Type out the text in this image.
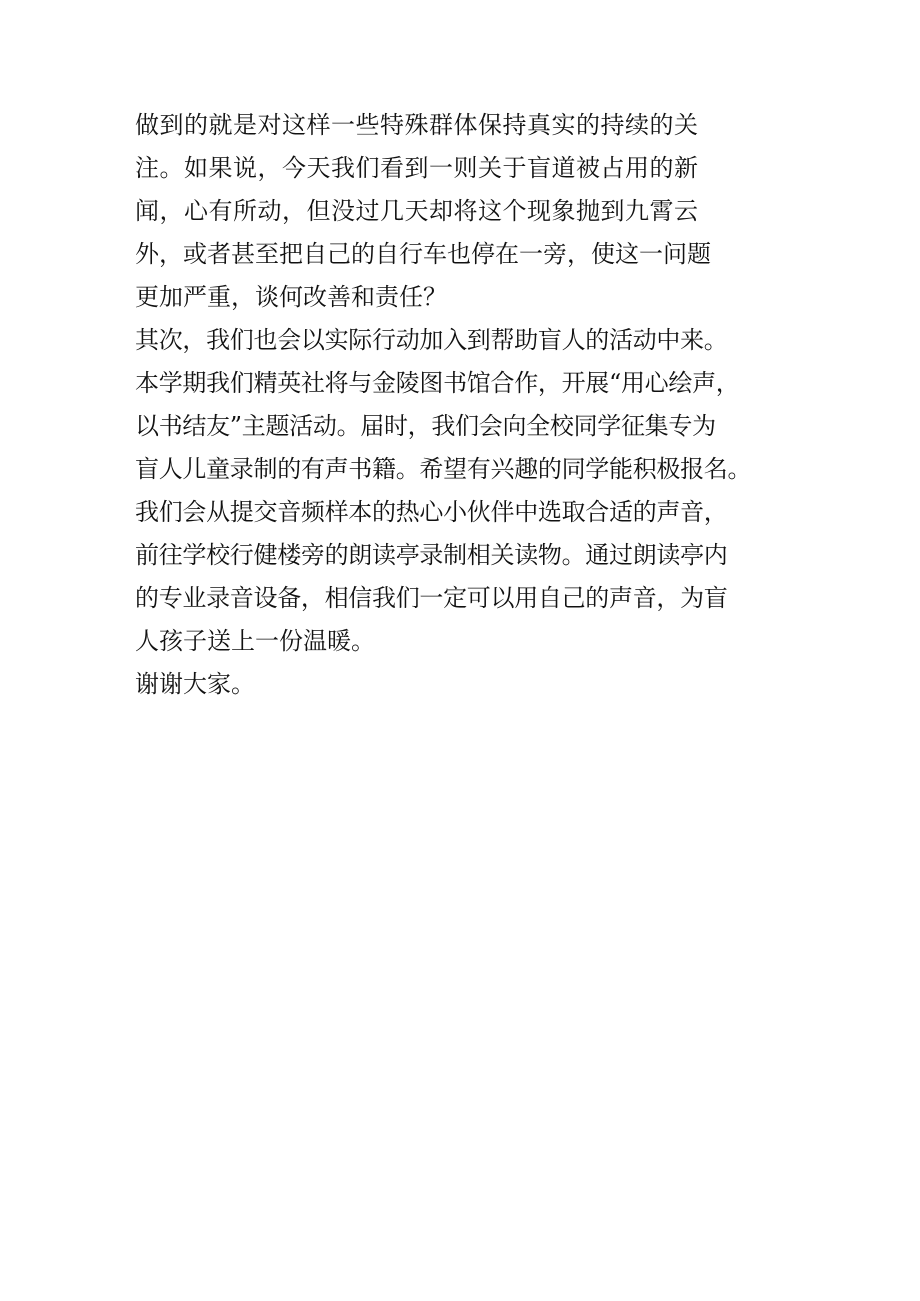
做到的就是对这样一些特殊群体保持真实的持续的关
注。如果说，今天我们看到一则关于盲道被占用的新
闻，心有所动，但没过几天却将这个现象抛到九霄云
外，或者甚至把自己的自行车也停在一旁，使这一问题
更加严重，谈何改善和责任？
其次，我们也会以实际行动加入到帮助盲人的活动中来。
本学期我们精英社将与金陵图书馆合作，开展“用心绘声，
以书结友”主题活动。届时，我们会向全校同学征集专为
盲人儿童录制的有声书籍。希望有兴趣的同学能积极报名。
我们会从提交音频样本的热心小伙伴中选取合适的声音，
前往学校行健楼旁的朗读亭录制相关读物。通过朗读亭内
的专业录音设备，相信我们一定可以用自己的声音，为盲
人孩子送上一份温暖。
谢谢大家。
